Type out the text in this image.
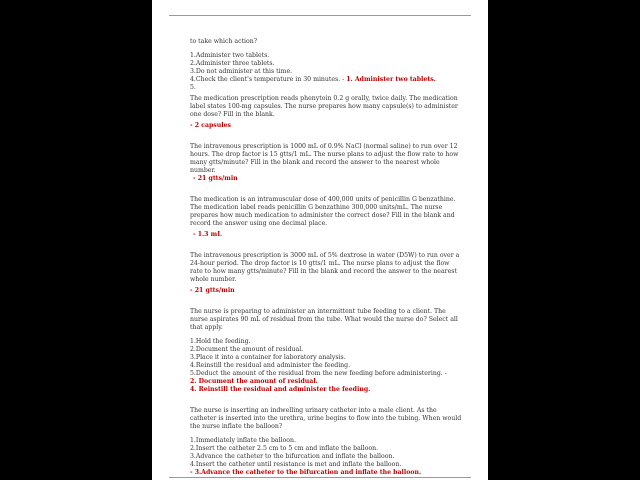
to take which action?

1.Administer two tablets.
2.Administer three tablets.
3.Do not administer at this time.
4.Check the client's temperature in 30 minutes. - 1. Administer two tablets.
5.

The medication prescription reads phenytoin 0.2 g orally, twice daily. The medication label states 100-mg capsules. The nurse prepares how many capsule(s) to administer one dose? Fill in the blank.

- 2 capsules

The intravenous prescription is 1000 mL of 0.9% NaCl (normal saline) to run over 12 hours. The drop factor is 15 gtts/1 mL. The nurse plans to adjust the flow rate to how many gtts/minute? Fill in the blank and record the answer to the nearest whole number.

- 21 gtts/min

The medication is an intramuscular dose of 400,000 units of penicillin G benzathine. The medication label reads penicillin G benzathine 300,000 units/mL. The nurse prepares how much medication to administer the correct dose? Fill in the blank and record the answer using one decimal place.

- 1.3 mL

The intravenous prescription is 3000 mL of 5% dextrose in water (D5W) to run over a 24-hour period. The drop factor is 10 gtts/1 mL. The nurse plans to adjust the flow rate to how many gtts/minute? Fill in the blank and record the answer to the nearest whole number.

- 21 gtts/min

The nurse is preparing to administer an intermittent tube feeding to a client. The nurse aspirates 90 mL of residual from the tube. What would the nurse do? Select all that apply.

1.Hold the feeding.
2.Document the amount of residual.
3.Place it into a container for laboratory analysis.
4.Reinstill the residual and administer the feeding.
5.Deduct the amount of the residual from the new feeding before administering. -
2. Document the amount of residual.
4. Reinstill the residual and administer the feeding.

The nurse is inserting an indwelling urinary catheter into a male client. As the catheter is inserted into the urethra, urine begins to flow into the tubing. When would the nurse inflate the balloon?

1.Immediately inflate the balloon.
2.Insert the catheter 2.5 cm to 5 cm and inflate the balloon.
3.Advance the catheter to the bifurcation and inflate the balloon.
4.Insert the catheter until resistance is met and inflate the balloon.
- 3.Advance the catheter to the bifurcation and inflate the balloon.
